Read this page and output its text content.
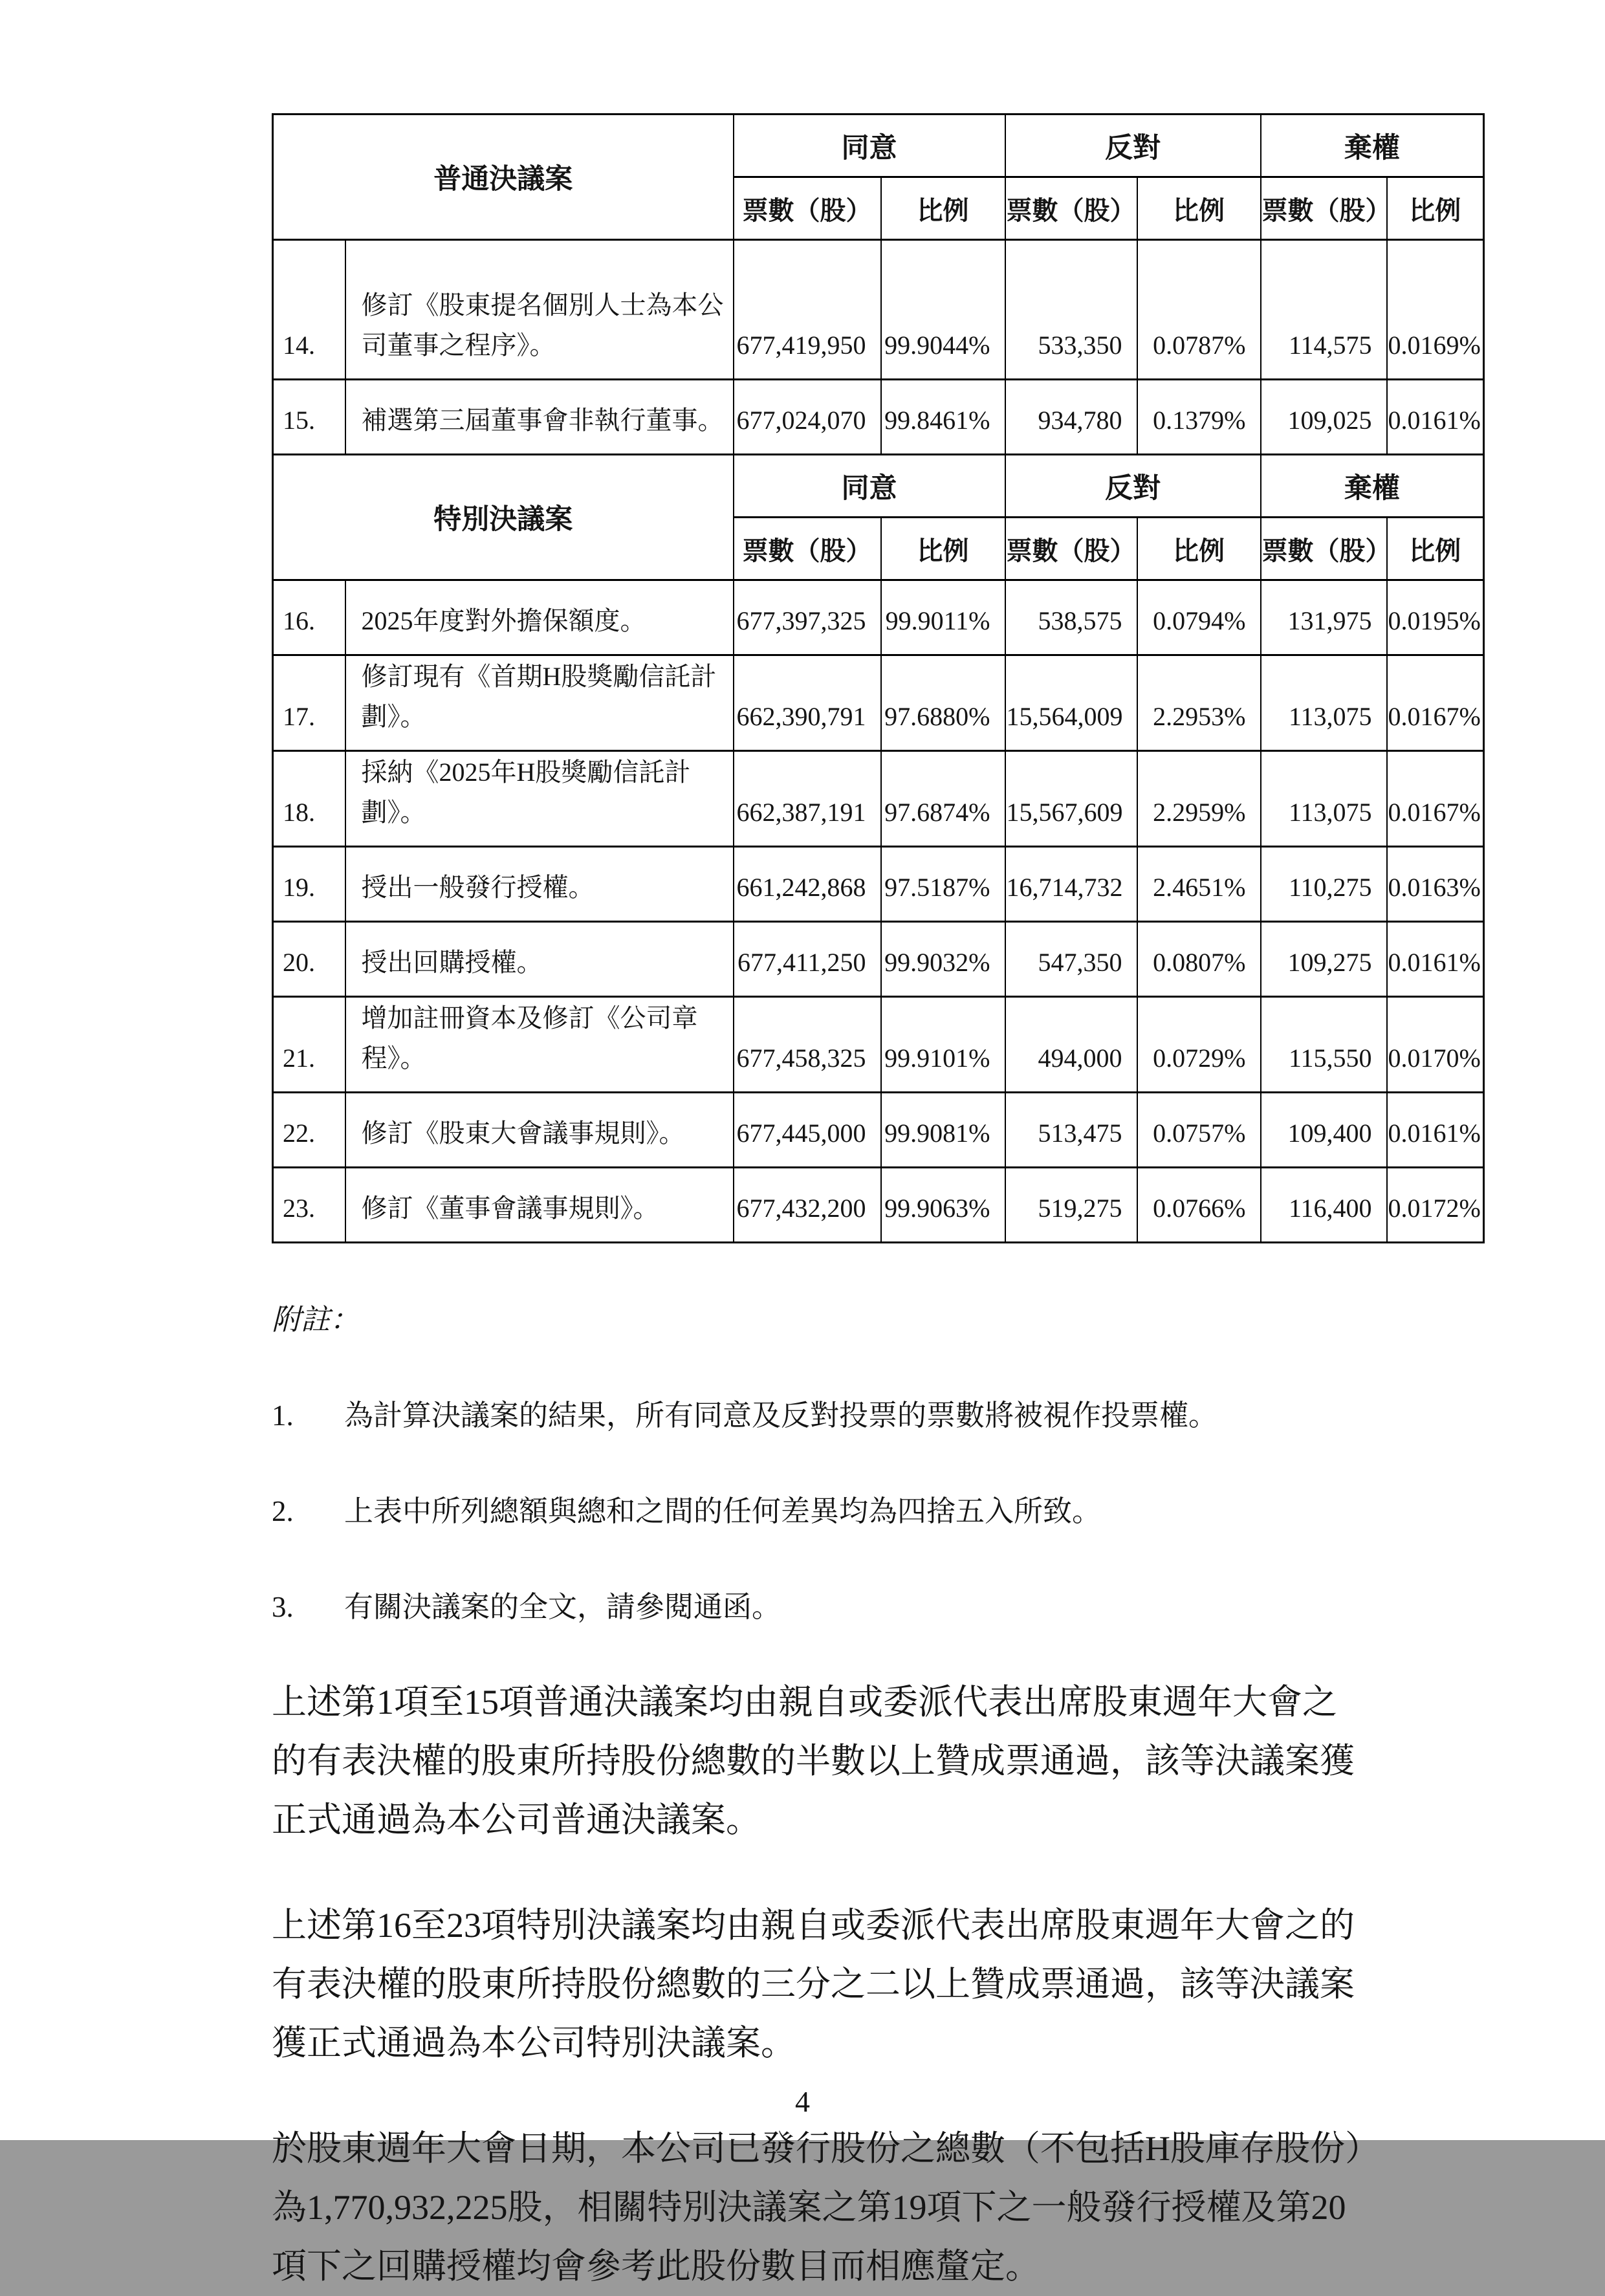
普通決議案		同意		反對		棄權	
		票數（股）	比例	票數（股）	比例	票數（股）	比例
14.	修訂《股東提名個別人士為本公司董事之程序》。	677,419,950	99.9044%	533,350	0.0787%	114,575	0.0169%
15.	補選第三屆董事會非執行董事。	677,024,070	99.8461%	934,780	0.1379%	109,025	0.0161%
特別決議案		同意		反對		棄權	
		票數（股）	比例	票數（股）	比例	票數（股）	比例
16.	2025年度對外擔保額度。	677,397,325	99.9011%	538,575	0.0794%	131,975	0.0195%
17.	修訂現有《首期H股獎勵信託計劃》。	662,390,791	97.6880%	15,564,009	2.2953%	113,075	0.0167%
18.	採納《2025年H股獎勵信託計劃》。	662,387,191	97.6874%	15,567,609	2.2959%	113,075	0.0167%
19.	授出一般發行授權。	661,242,868	97.5187%	16,714,732	2.4651%	110,275	0.0163%
20.	授出回購授權。	677,411,250	99.9032%	547,350	0.0807%	109,275	0.0161%
21.	增加註冊資本及修訂《公司章程》。	677,458,325	99.9101%	494,000	0.0729%	115,550	0.0170%
22.	修訂《股東大會議事規則》。	677,445,000	99.9081%	513,475	0.0757%	109,400	0.0161%
23.	修訂《董事會議事規則》。	677,432,200	99.9063%	519,275	0.0766%	116,400	0.0172%
附註：
1.	為計算決議案的結果，所有同意及反對投票的票數將被視作投票權。
2.	上表中所列總額與總和之間的任何差異均為四捨五入所致。
3.	有關決議案的全文，請參閱通函。
上述第1項至15項普通決議案均由親自或委派代表出席股東週年大會之
的有表決權的股東所持股份總數的半數以上贊成票通過，該等決議案獲
正式通過為本公司普通決議案。
上述第16至23項特別決議案均由親自或委派代表出席股東週年大會之的
有表決權的股東所持股份總數的三分之二以上贊成票通過，該等決議案
獲正式通過為本公司特別決議案。
於股東週年大會日期，本公司已發行股份之總數（不包括H股庫存股份）
為1,770,932,225股，相關特別決議案之第19項下之一般發行授權及第20
項下之回購授權均會參考此股份數目而相應釐定。
4
